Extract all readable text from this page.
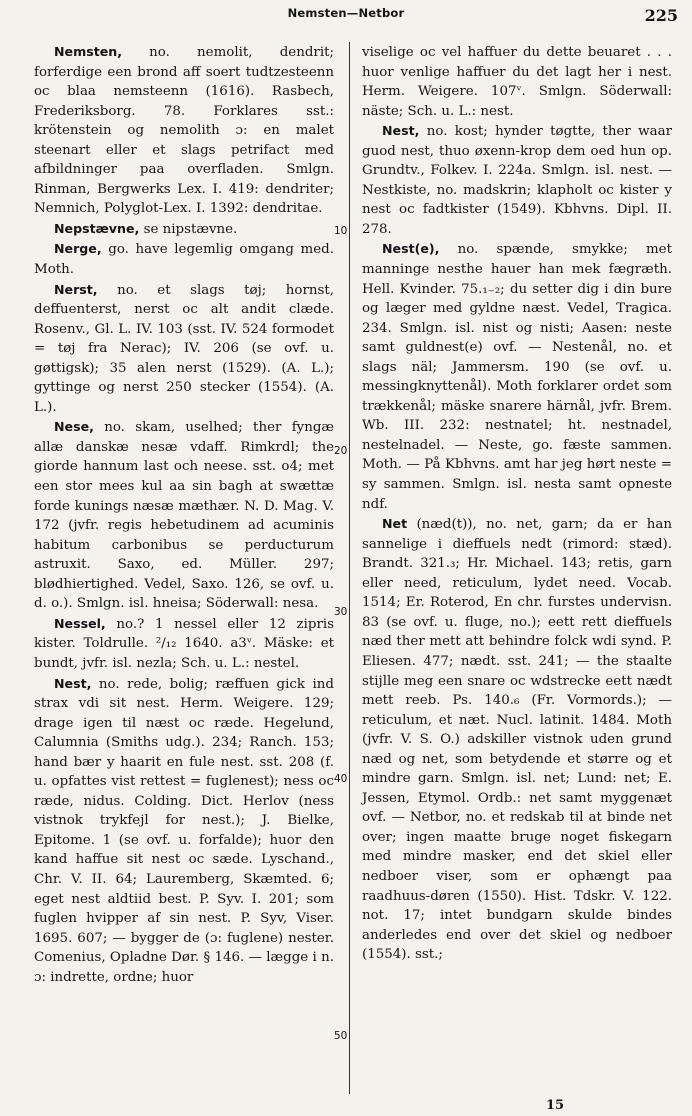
Nemsten—Netbor	225

Nemsten, no. nemolit, dendrit; forferdige een brond aff soert tudtzesteenn oc blaa nemsteenn (1616). Rasbech, Frederiksborg. 78. Forklares sst.: krötenstein og nemolith ɔ: en malet steenart eller et slags petrifact med afbildninger paa overfladen. Smlgn. Rinman, Bergwerks Lex. I. 419: dendriter; Nemnich, Polyglot-Lex. I. 1392: dendritae.

Nepstævne, se nipstævne.

Nerge, go. have legemlig omgang med. Moth.

Nerst, no. et slags tøj; hornst, deffuenterst, nerst oc alt andit clæde. Rosenv., Gl. L. IV. 103 (sst. IV. 524 formodet = tøj fra Nerac); IV. 206 (se ovf. u. gøttigsk); 35 alen nerst (1529). (A. L.); gyttinge og nerst 250 stecker (1554). (A. L.).

Nese, no. skam, uselhed; ther fyngæ allæ danskæ nesæ vdaff. Rimkrdl; the giorde hannum last och neese. sst. o4; met een stor mees kul aa sin bagh at swættæ forde kunings næsæ mæthær. N. D. Mag. V. 172 (jvfr. regis hebetudinem ad acuminis habitum carbonibus se perducturum astruxit. Saxo, ed. Müller. 297; blødhiertighed. Vedel, Saxo. 126, se ovf. u. d. o.). Smlgn. isl. hneisa; Söderwall: nesa.

Nessel, no.? 1 nessel eller 12 zipris kister. Toldrulle. ²/₁₂ 1640. a3ᵛ. Mäske: et bundt, jvfr. isl. nezla; Sch. u. L.: nestel.

Nest, no. rede, bolig; ræffuen gick ind strax vdi sit nest. Herm. Weigere. 129; drage igen til næst oc ræde. Hegelund, Calumnia (Smiths udg.). 234; Ranch. 153; hand bær y haarit en fule nest. sst. 208 (f. u. opfattes vist rettest = fuglenest); ness oc ræde, nidus. Colding. Dict. Herlov (ness vistnok trykfejl for nest.); J. Bielke, Epitome. 1 (se ovf. u. forfalde); huor den kand haffue sit nest oc sæde. Lyschand., Chr. V. II. 64; Lauremberg, Skæmted. 6; eget nest aldtiid best. P. Syv. I. 201; som fuglen hvipper af sin nest. P. Syv, Viser. 1695. 607; — bygger de (ɔ: fuglene) nester. Comenius, Opladne Dør. § 146. — lægge i n. ɔ: indrette, ordne; huor

10
20
30
40
50

viselige oc vel haffuer du dette beuaret . . . huor venlige haffuer du det lagt her i nest. Herm. Weigere. 107ᵛ. Smlgn. Söderwall: näste; Sch. u. L.: nest.

Nest, no. kost; hynder tøgtte, ther waar guod nest, thuo øxenn-krop dem oed hun op. Grundtv., Folkev. I. 224a. Smlgn. isl. nest. — Nestkiste, no. madskrin; klapholt oc kister y nest oc fadtkister (1549). Kbhvns. Dipl. II. 278.

Nest(e), no. spænde, smykke; met manninge nesthe hauer han mek fægræth. Hell. Kvinder. 75.₁₋₂; du setter dig i din bure og læger med gyldne næst. Vedel, Tragica. 234. Smlgn. isl. nist og nisti; Aasen: neste samt guldnest(e) ovf. — Nestenål, no. et slags näl; Jammersm. 190 (se ovf. u. messingknyttenål). Moth forklarer ordet som trækkenål; mäske snarere härnål, jvfr. Brem. Wb. III. 232: nestnatel; ht. nestnadel, nestelnadel. — Neste, go. fæste sammen. Moth. — På Kbhvns. amt har jeg hørt neste = sy sammen. Smlgn. isl. nesta samt opneste ndf.

Net (næd(t)), no. net, garn; da er han sannelige i dieffuels nedt (rimord: stæd). Brandt. 321.₃; Hr. Michael. 143; retis, garn eller need, reticulum, lydet need. Vocab. 1514; Er. Roterod, En chr. furstes undervisn. 83 (se ovf. u. fluge, no.); eett rett dieffuels næd ther mett att behindre folck wdi synd. P. Eliesen. 477; nædt. sst. 241; — the staalte stijlle meg een snare oc wdstrecke eett nædt mett reeb. Ps. 140.₆ (Fr. Vormords.); — reticulum, et næt. Nucl. latinit. 1484. Moth (jvfr. V. S. O.) adskiller vistnok uden grund næd og net, som betydende et større og et mindre garn. Smlgn. isl. net; Lund: net; E. Jessen, Etymol. Ordb.: net samt myggenæt ovf. — Netbor, no. et redskab til at binde net over; ingen maatte bruge noget fiskegarn med mindre masker, end det skiel eller nedboer viser, som er ophængt paa raadhuus-døren (1550). Hist. Tdskr. V. 122. not. 17; intet bundgarn skulde bindes anderledes end over det skiel og nedboer (1554). sst.;

15
